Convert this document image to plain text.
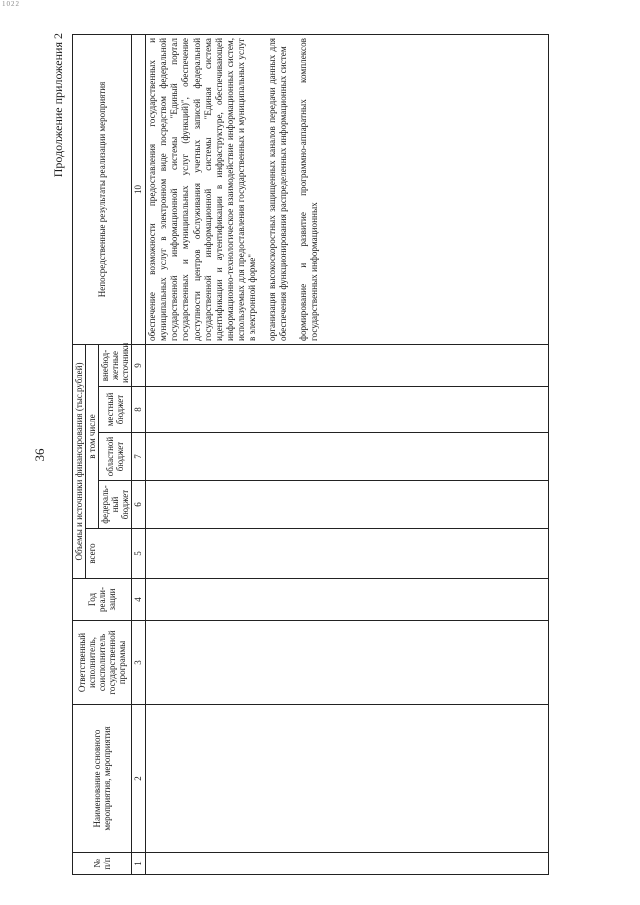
1022
36
Продолжение приложения 2
№ п/п	Наименование основного мероприятия, мероприятия	Ответственный исполнитель, соисполнитель государственной программы	Год реали-зации	Объемы и источники финансирования (тыс.рублей)					Непосредственные результаты реализации мероприятия
				всего	в том числе				
					федераль-ный бюджет	областной бюджет	местный бюджет	внебюд-жетные источники	
1	2	3	4	5	6	7	8	9	10

									обеспечение возможности предоставления государственных и муниципальных услуг в электронном виде посредством федеральной государственной информационной системы "Единый портал государственных и муниципальных услуг (функций)", обеспечение доступности центров обслуживания учетных записей федеральной государственной информационной системы "Единая система идентификации и аутентификации в инфраструктуре, обеспечивающей информационно-технологическое взаимодействие информационных систем, используемых для предоставления государственных и муниципальных услуг в электронной форме" организация высокоскоростных защищенных каналов передачи данных для обеспечения функционирования распределенных информационных систем формирование и развитие программно-аппаратных комплексов государственных информационных
